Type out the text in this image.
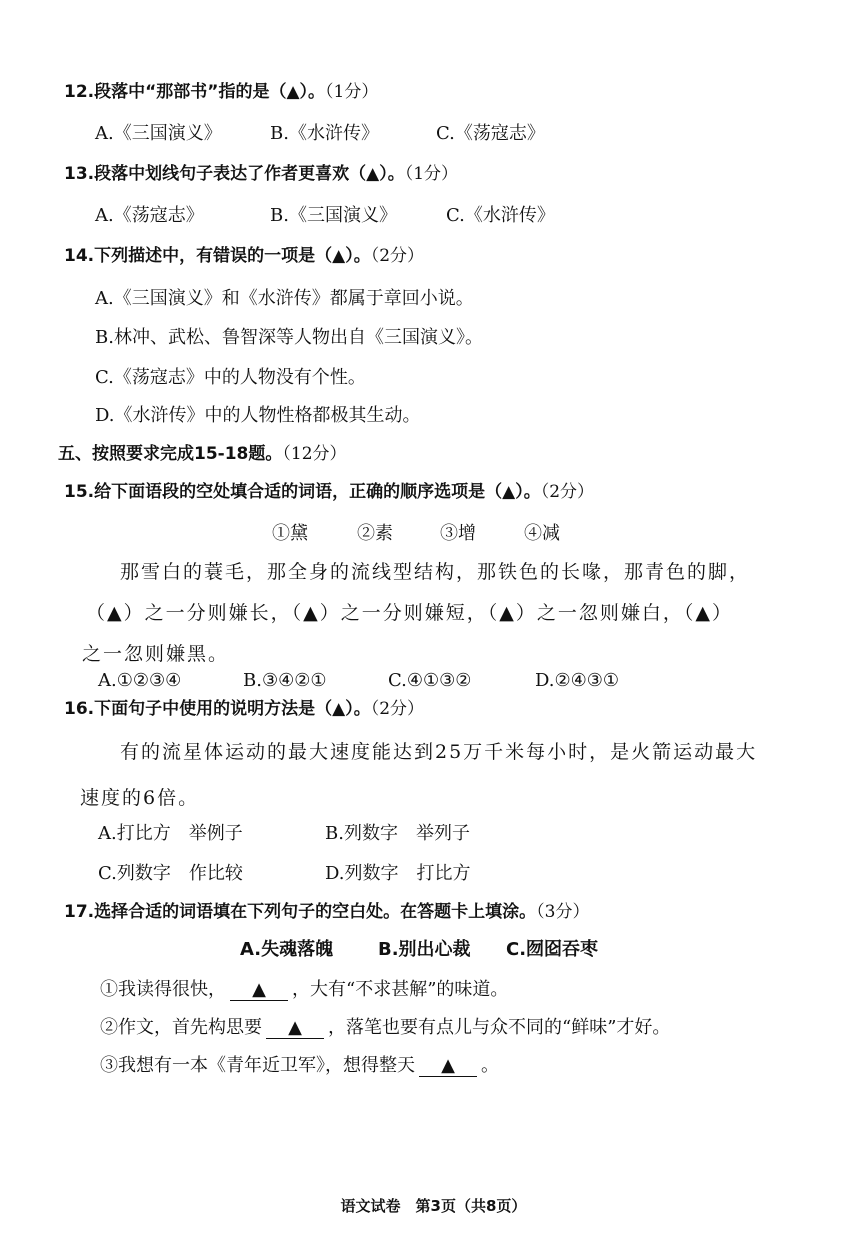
12.段落中“那部书”指的是（▲）。（1分）
A.《三国演义》	B.《水浒传》	C.《荡寇志》
13.段落中划线句子表达了作者更喜欢（▲）。（1分）
A.《荡寇志》	B.《三国演义》	C.《水浒传》
14.下列描述中，有错误的一项是（▲）。（2分）
A.《三国演义》和《水浒传》都属于章回小说。
B.林冲、武松、鲁智深等人物出自《三国演义》。
C.《荡寇志》中的人物没有个性。
D.《水浒传》中的人物性格都极其生动。
五、按照要求完成15-18题。（12分）
15.给下面语段的空处填合适的词语，正确的顺序选项是（▲）。（2分）
①黛	②素	③增	④减
那雪白的蓑毛，那全身的流线型结构，那铁色的长喙，那青色的脚，
（▲）之一分则嫌长，（▲）之一分则嫌短，（▲）之一忽则嫌白，（▲）
之一忽则嫌黑。
A.①②③④	B.③④②①	C.④①③②	D.②④③①
16.下面句子中使用的说明方法是（▲）。（2分）
有的流星体运动的最大速度能达到25万千米每小时，是火箭运动最大
速度的6倍。
A.打比方　举例子	B.列数字　举列子
C.列数字　作比较	D.列数字　打比方
17.选择合适的词语填在下列句子的空白处。在答题卡上填涂。（3分）
A.失魂落魄 B.别出心裁 C.囫囵吞枣
①我读得很快， ▲ ，大有“不求甚解”的味道。
②作文，首先构思要 ▲ ，落笔也要有点儿与众不同的“鲜味”才好。
③我想有一本《青年近卫军》，想得整天 ▲ 。
语文试卷　第3页（共8页）
